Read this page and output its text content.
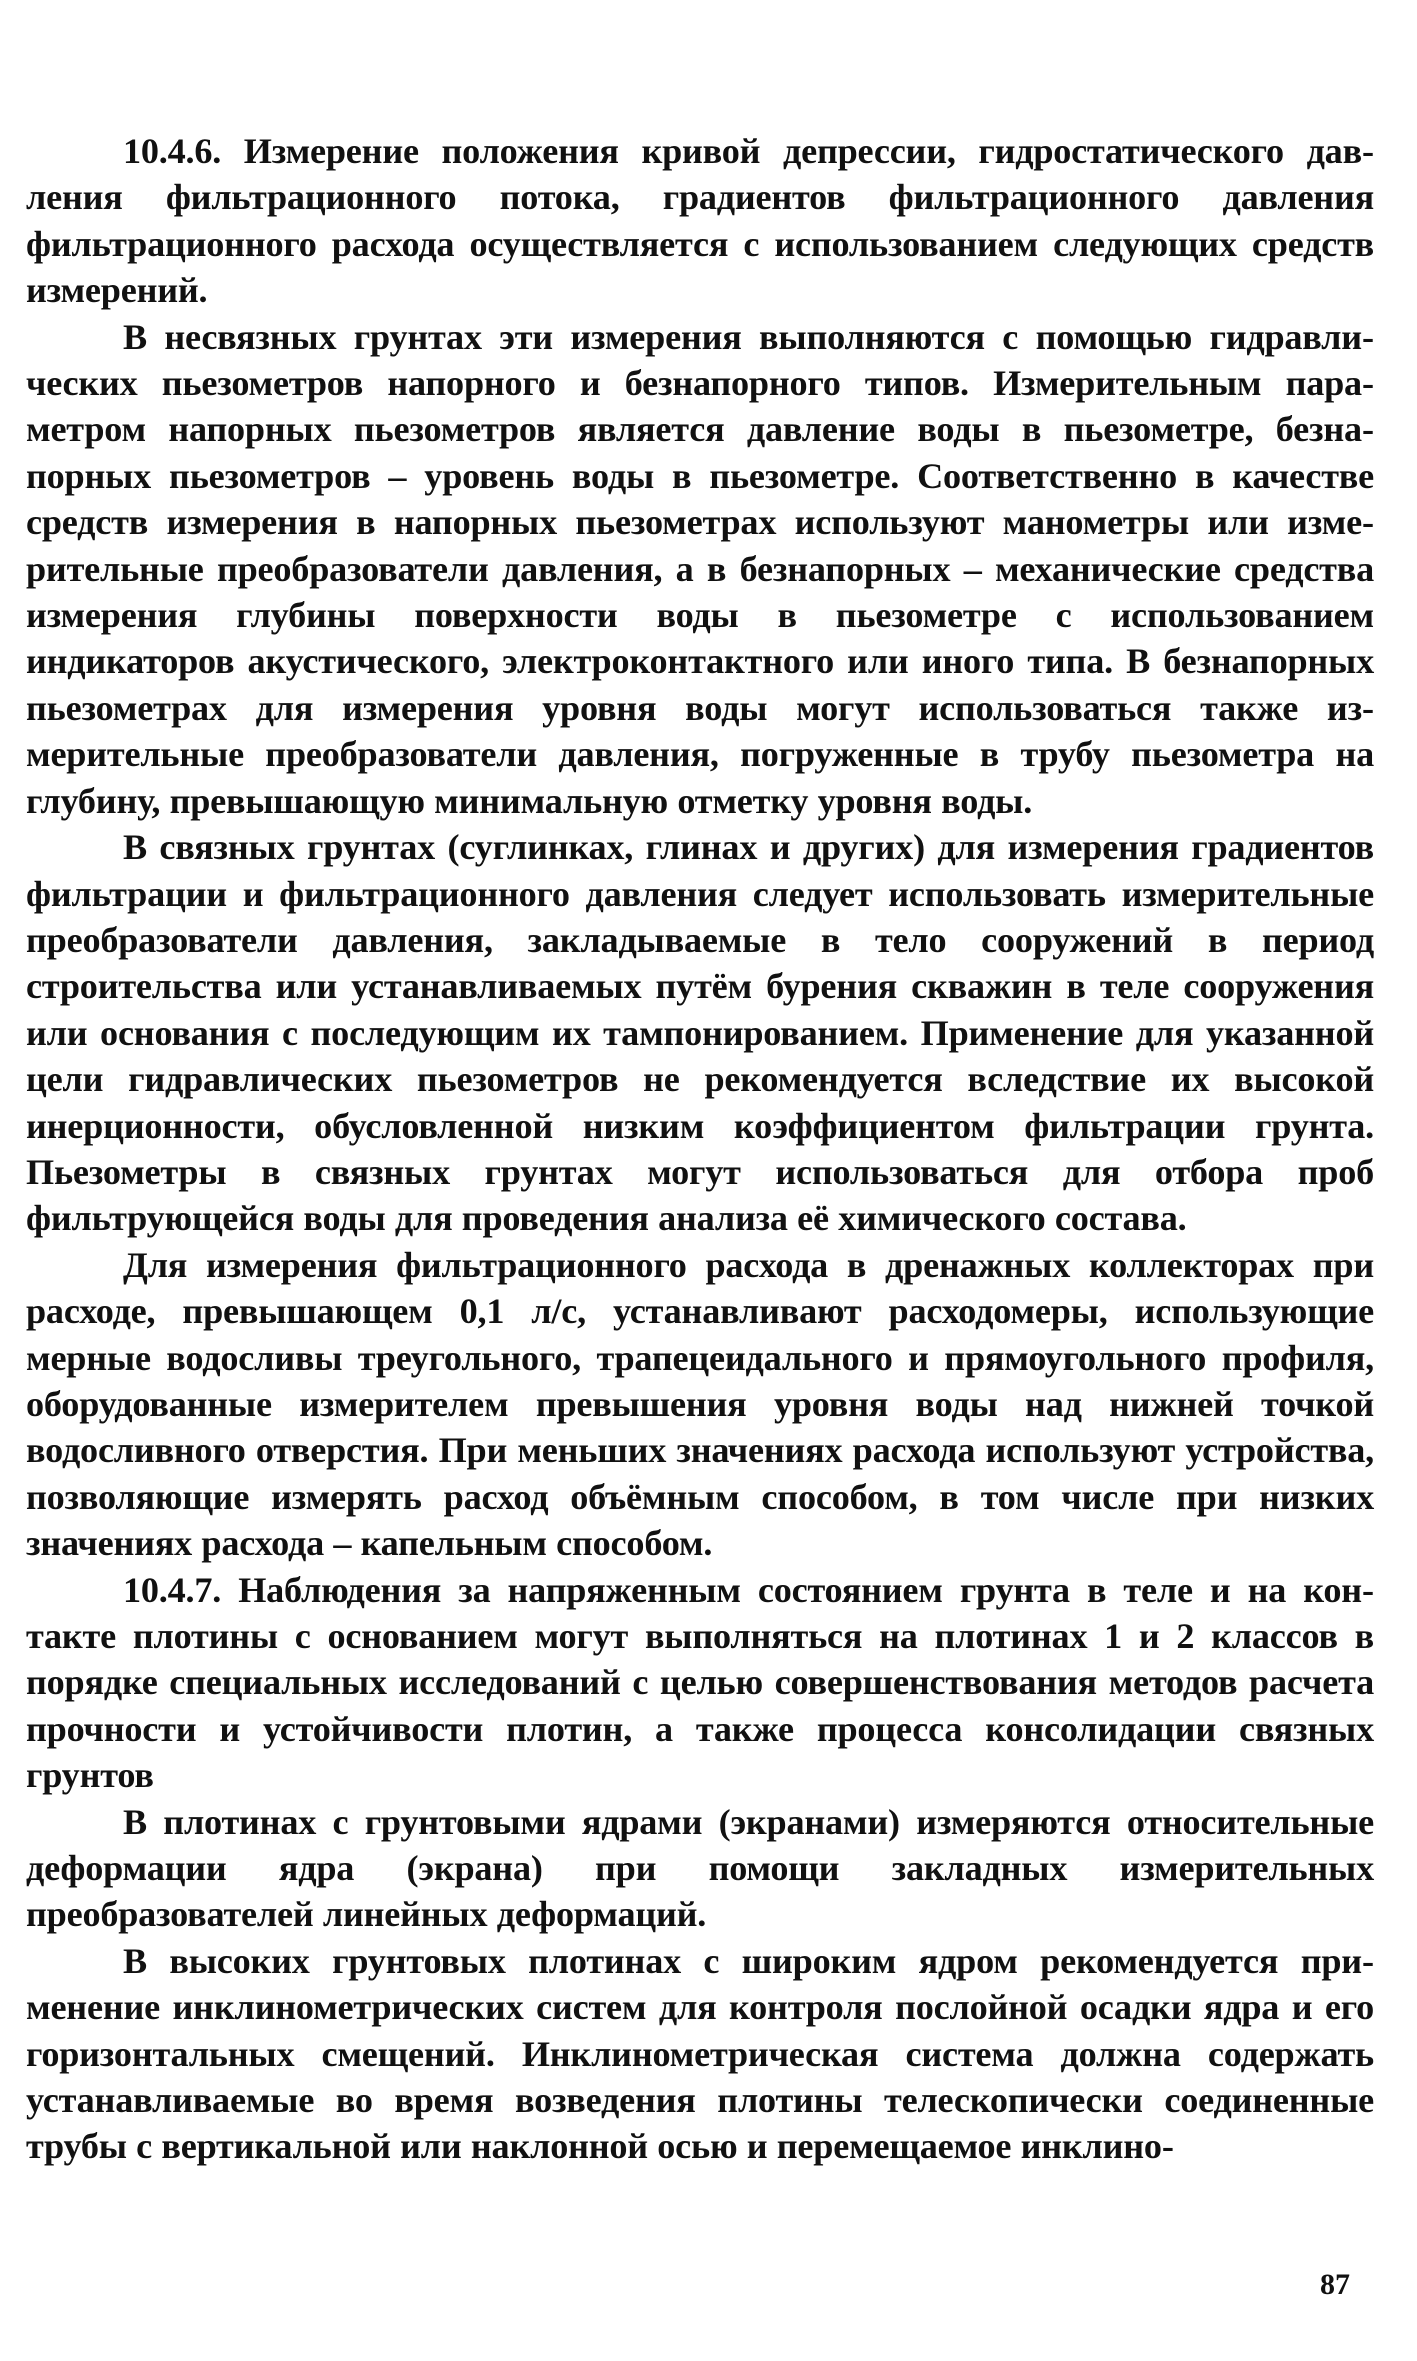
10.4.6. Измерение положения кривой депрессии, гидростатического давления фильтрационного потока, градиентов фильтрационного давления фильтрационного расхода осуществляется с использованием следующих средств измерений.

В несвязных грунтах эти измерения выполняются с помощью гидравлических пьезометров напорного и безнапорного типов. Измерительным параметром напорных пьезометров является давление воды в пьезометре, безнапорных пьезометров – уровень воды в пьезометре. Соответственно в качестве средств измерения в напорных пьезометрах используют манометры или измерительные преобразователи давления, а в безнапорных – механические средства измерения глубины поверхности воды в пьезометре с использованием индикаторов акустического, электроконтактного или иного типа. В безнапорных пьезометрах для измерения уровня воды могут использоваться также измерительные преобразователи давления, погруженные в трубу пьезометра на глубину, превышающую минимальную отметку уровня воды.

В связных грунтах (суглинках, глинах и других) для измерения градиентов фильтрации и фильтрационного давления следует использовать измерительные преобразователи давления, закладываемые в тело сооружений в период строительства или устанавливаемых путём бурения скважин в теле сооружения или основания с последующим их тампонированием. Применение для указанной цели гидравлических пьезометров не рекомендуется вследствие их высокой инерционности, обусловленной низким коэффициентом фильтрации грунта. Пьезометры в связных грунтах могут использоваться для отбора проб фильтрующейся воды для проведения анализа её химического состава.

Для измерения фильтрационного расхода в дренажных коллекторах при расходе, превышающем 0,1 л/с, устанавливают расходомеры, использующие мерные водосливы треугольного, трапецеидального и прямоугольного профиля, оборудованные измерителем превышения уровня воды над нижней точкой водосливного отверстия. При меньших значениях расхода используют устройства, позволяющие измерять расход объёмным способом, в том числе при низких значениях расхода – капельным способом.

10.4.7. Наблюдения за напряженным состоянием грунта в теле и на контакте плотины с основанием могут выполняться на плотинах 1 и 2 классов в порядке специальных исследований с целью совершенствования методов расчета прочности и устойчивости плотин, а также процесса консолидации связных грунтов

В плотинах с грунтовыми ядрами (экранами) измеряются относительные деформации ядра (экрана) при помощи закладных измерительных преобразователей линейных деформаций.

В высоких грунтовых плотинах с широким ядром рекомендуется применение инклинометрических систем для контроля послойной осадки ядра и его горизонтальных смещений. Инклинометрическая система должна содержать устанавливаемые во время возведения плотины телескопически соединенные трубы с вертикальной или наклонной осью и перемещаемое инклино-

87
